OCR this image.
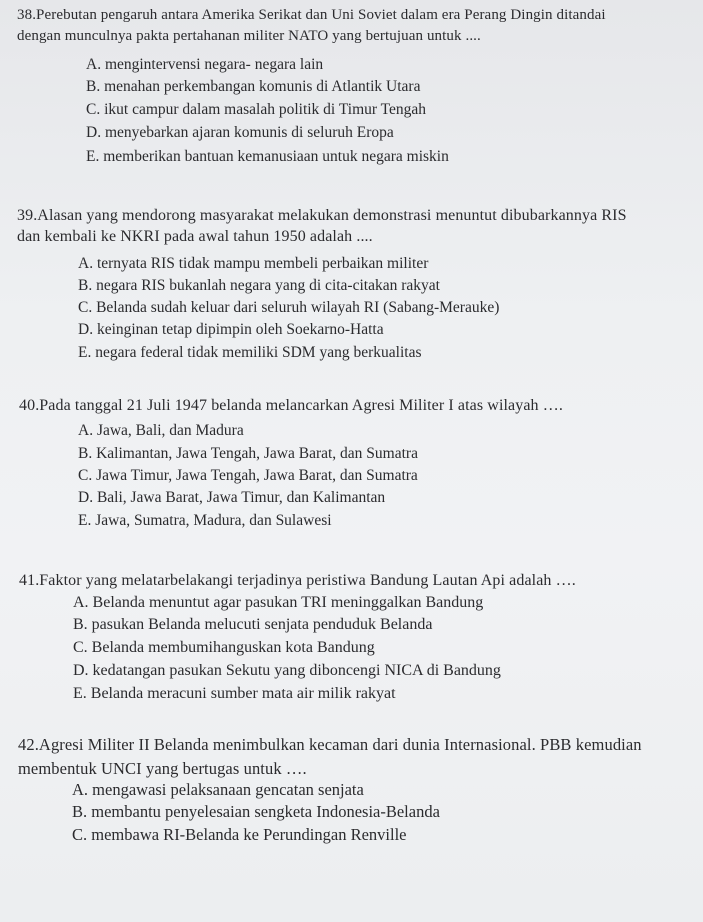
38.Perebutan pengaruh antara Amerika Serikat dan Uni Soviet dalam era Perang Dingin ditandai
dengan munculnya pakta pertahanan militer NATO yang bertujuan untuk ....
A. mengintervensi negara- negara lain
B. menahan perkembangan komunis di Atlantik Utara
C. ikut campur dalam masalah politik di Timur Tengah
D. menyebarkan ajaran komunis di seluruh Eropa
E. memberikan bantuan kemanusiaan untuk negara miskin
39.Alasan yang mendorong masyarakat melakukan demonstrasi menuntut dibubarkannya RIS
dan kembali ke NKRI pada awal tahun 1950 adalah ....
A. ternyata RIS tidak mampu membeli perbaikan militer
B. negara RIS bukanlah negara yang di cita-citakan rakyat
C. Belanda sudah keluar dari seluruh wilayah RI (Sabang-Merauke)
D. keinginan tetap dipimpin oleh Soekarno-Hatta
E. negara federal tidak memiliki SDM yang berkualitas
40.Pada tanggal 21 Juli 1947 belanda melancarkan Agresi Militer I atas wilayah ….
A. Jawa, Bali, dan Madura
B. Kalimantan, Jawa Tengah, Jawa Barat, dan Sumatra
C. Jawa Timur, Jawa Tengah, Jawa Barat, dan Sumatra
D. Bali, Jawa Barat, Jawa Timur, dan Kalimantan
E. Jawa, Sumatra, Madura, dan Sulawesi
41.Faktor yang melatarbelakangi terjadinya peristiwa Bandung Lautan Api adalah ….
A. Belanda menuntut agar pasukan TRI meninggalkan Bandung
B. pasukan Belanda melucuti senjata penduduk Belanda
C. Belanda membumihanguskan kota Bandung
D. kedatangan pasukan Sekutu yang diboncengi NICA di Bandung
E. Belanda meracuni sumber mata air milik rakyat
42.Agresi Militer II Belanda menimbulkan kecaman dari dunia Internasional. PBB kemudian
membentuk UNCI yang bertugas untuk ….
A. mengawasi pelaksanaan gencatan senjata
B. membantu penyelesaian sengketa Indonesia-Belanda
C. membawa RI-Belanda ke Perundingan Renville
